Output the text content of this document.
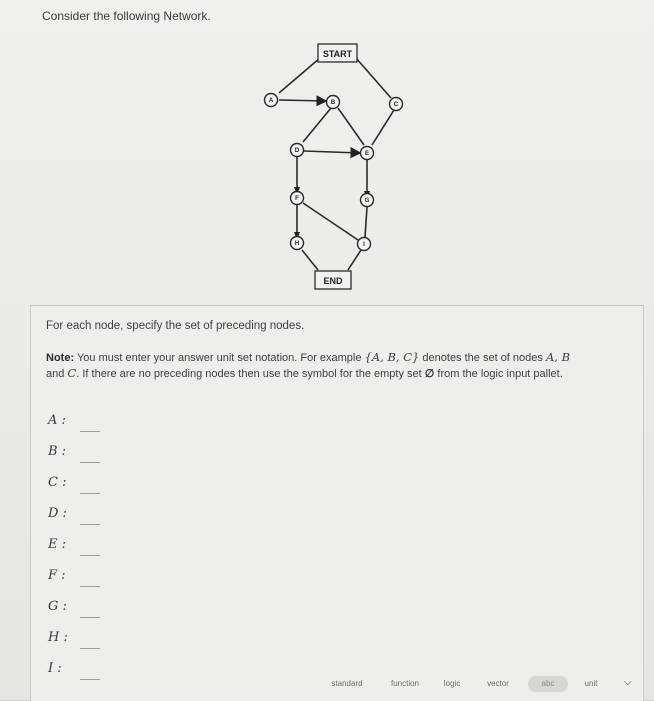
Consider the following Network.
START
END
A	B	C
D	E
F	G
H	I
For each node, specify the set of preceding nodes.
Note: You must enter your answer unit set notation. For example {A, B, C} denotes the set of nodes A, B
and C. If there are no preceding nodes then use the symbol for the empty set ∅ from the logic input pallet.
A :
B :
C :
D :
E :
F :
G :
H :
I :
standard	function	logic	vector	abc	unit	⌵
